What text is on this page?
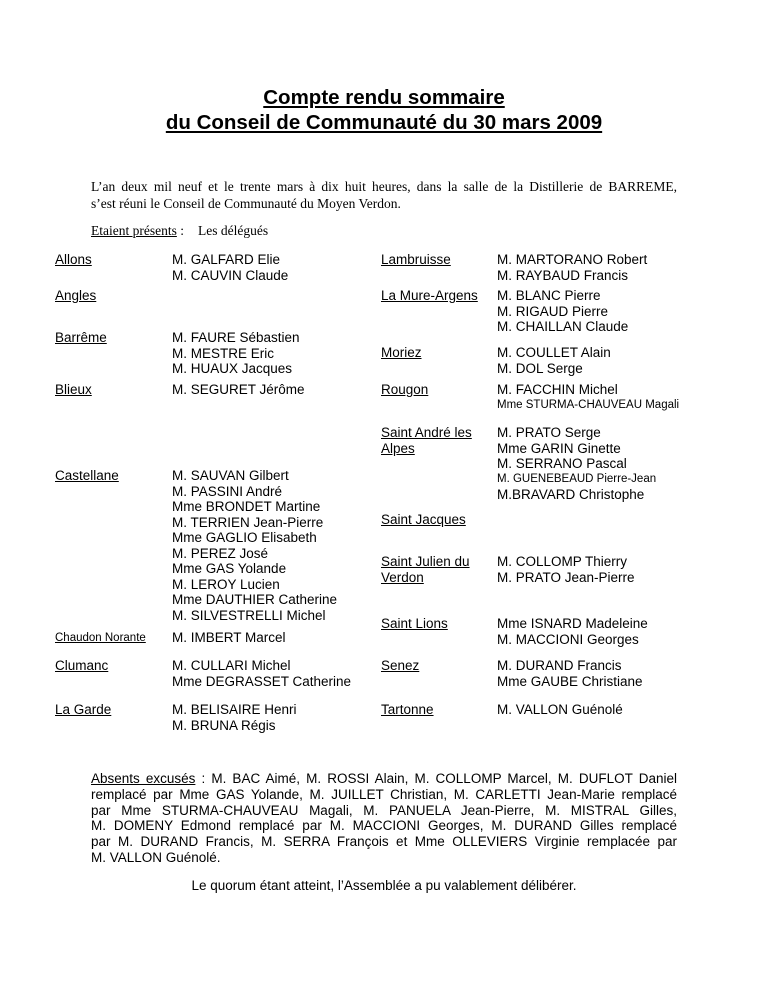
Compte rendu sommaire
du Conseil de Communauté du 30 mars 2009
L’an deux mil neuf et le trente mars à dix huit heures, dans la salle de la Distillerie de BARREME,
s’est réuni le Conseil de Communauté du Moyen Verdon.
Etaient présents : Les délégués
Allons	M. GALFARD Elie
M. CAUVIN Claude
Angles
Barrême	M. FAURE Sébastien
M. MESTRE Eric
M. HUAUX Jacques
Blieux	M. SEGURET Jérôme
Castellane	M. SAUVAN Gilbert
M. PASSINI André
Mme BRONDET Martine
M. TERRIEN Jean-Pierre
Mme GAGLIO Elisabeth
M. PEREZ José
Mme GAS Yolande
M. LEROY Lucien
Mme DAUTHIER Catherine
M. SILVESTRELLI Michel
Chaudon Norante M. IMBERT Marcel
Clumanc	M. CULLARI Michel
Mme DEGRASSET Catherine
La Garde	M. BELISAIRE Henri
M. BRUNA Régis
Lambruisse	M. MARTORANO Robert
M. RAYBAUD Francis
La Mure-Argens M. BLANC Pierre
M. RIGAUD Pierre
M. CHAILLAN Claude
Moriez	M. COULLET Alain
M. DOL Serge
Rougon	M. FACCHIN Michel
Mme STURMA-CHAUVEAU Magali
Saint André les
Alpes
M. PRATO Serge
Mme GARIN Ginette
M. SERRANO Pascal
M. GUENEBEAUD Pierre-Jean
M.BRAVARD Christophe
Saint Jacques
Saint Julien du
Verdon
M. COLLOMP Thierry
M. PRATO Jean-Pierre
Saint Lions	Mme ISNARD Madeleine
M. MACCIONI Georges
Senez	M. DURAND Francis
Mme GAUBE Christiane
Tartonne	M. VALLON Guénolé
Absents excusés : M. BAC Aimé, M. ROSSI Alain, M. COLLOMP Marcel, M. DUFLOT Daniel
remplacé par Mme GAS Yolande, M. JUILLET Christian, M. CARLETTI Jean-Marie remplacé
par Mme STURMA-CHAUVEAU Magali, M. PANUELA Jean-Pierre, M. MISTRAL Gilles,
M. DOMENY Edmond remplacé par M. MACCIONI Georges, M. DURAND Gilles remplacé
par M. DURAND Francis, M. SERRA François et Mme OLLEVIERS Virginie remplacée par
M. VALLON Guénolé.
Le quorum étant atteint, l’Assemblée a pu valablement délibérer.
